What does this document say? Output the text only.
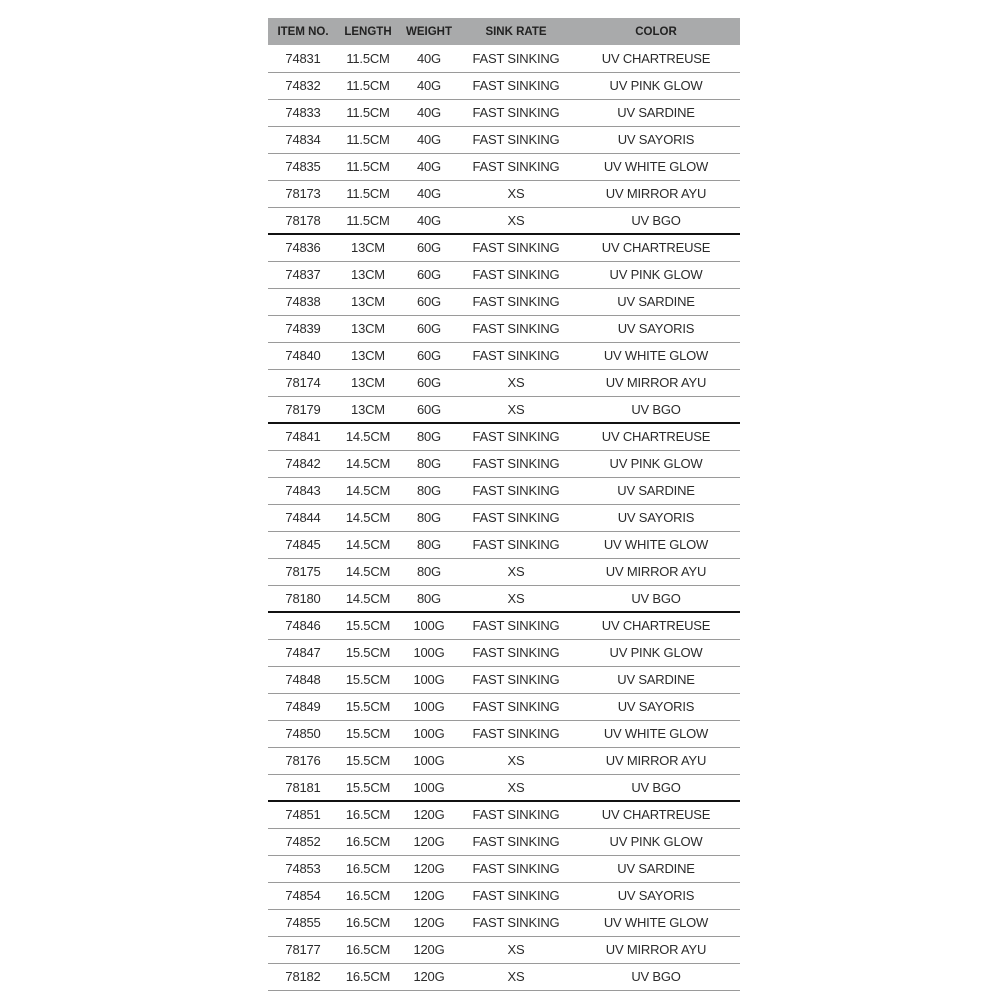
ITEM NO.	LENGTH	WEIGHT	SINK RATE	COLOR
74831	11.5CM	40G	FAST SINKING	UV CHARTREUSE
74832	11.5CM	40G	FAST SINKING	UV PINK GLOW
74833	11.5CM	40G	FAST SINKING	UV SARDINE
74834	11.5CM	40G	FAST SINKING	UV SAYORIS
74835	11.5CM	40G	FAST SINKING	UV WHITE GLOW
78173	11.5CM	40G	XS	UV MIRROR AYU
78178	11.5CM	40G	XS	UV BGO
74836	13CM	60G	FAST SINKING	UV CHARTREUSE
74837	13CM	60G	FAST SINKING	UV PINK GLOW
74838	13CM	60G	FAST SINKING	UV SARDINE
74839	13CM	60G	FAST SINKING	UV SAYORIS
74840	13CM	60G	FAST SINKING	UV WHITE GLOW
78174	13CM	60G	XS	UV MIRROR AYU
78179	13CM	60G	XS	UV BGO
74841	14.5CM	80G	FAST SINKING	UV CHARTREUSE
74842	14.5CM	80G	FAST SINKING	UV PINK GLOW
74843	14.5CM	80G	FAST SINKING	UV SARDINE
74844	14.5CM	80G	FAST SINKING	UV SAYORIS
74845	14.5CM	80G	FAST SINKING	UV WHITE GLOW
78175	14.5CM	80G	XS	UV MIRROR AYU
78180	14.5CM	80G	XS	UV BGO
74846	15.5CM	100G	FAST SINKING	UV CHARTREUSE
74847	15.5CM	100G	FAST SINKING	UV PINK GLOW
74848	15.5CM	100G	FAST SINKING	UV SARDINE
74849	15.5CM	100G	FAST SINKING	UV SAYORIS
74850	15.5CM	100G	FAST SINKING	UV WHITE GLOW
78176	15.5CM	100G	XS	UV MIRROR AYU
78181	15.5CM	100G	XS	UV BGO
74851	16.5CM	120G	FAST SINKING	UV CHARTREUSE
74852	16.5CM	120G	FAST SINKING	UV PINK GLOW
74853	16.5CM	120G	FAST SINKING	UV SARDINE
74854	16.5CM	120G	FAST SINKING	UV SAYORIS
74855	16.5CM	120G	FAST SINKING	UV WHITE GLOW
78177	16.5CM	120G	XS	UV MIRROR AYU
78182	16.5CM	120G	XS	UV BGO
